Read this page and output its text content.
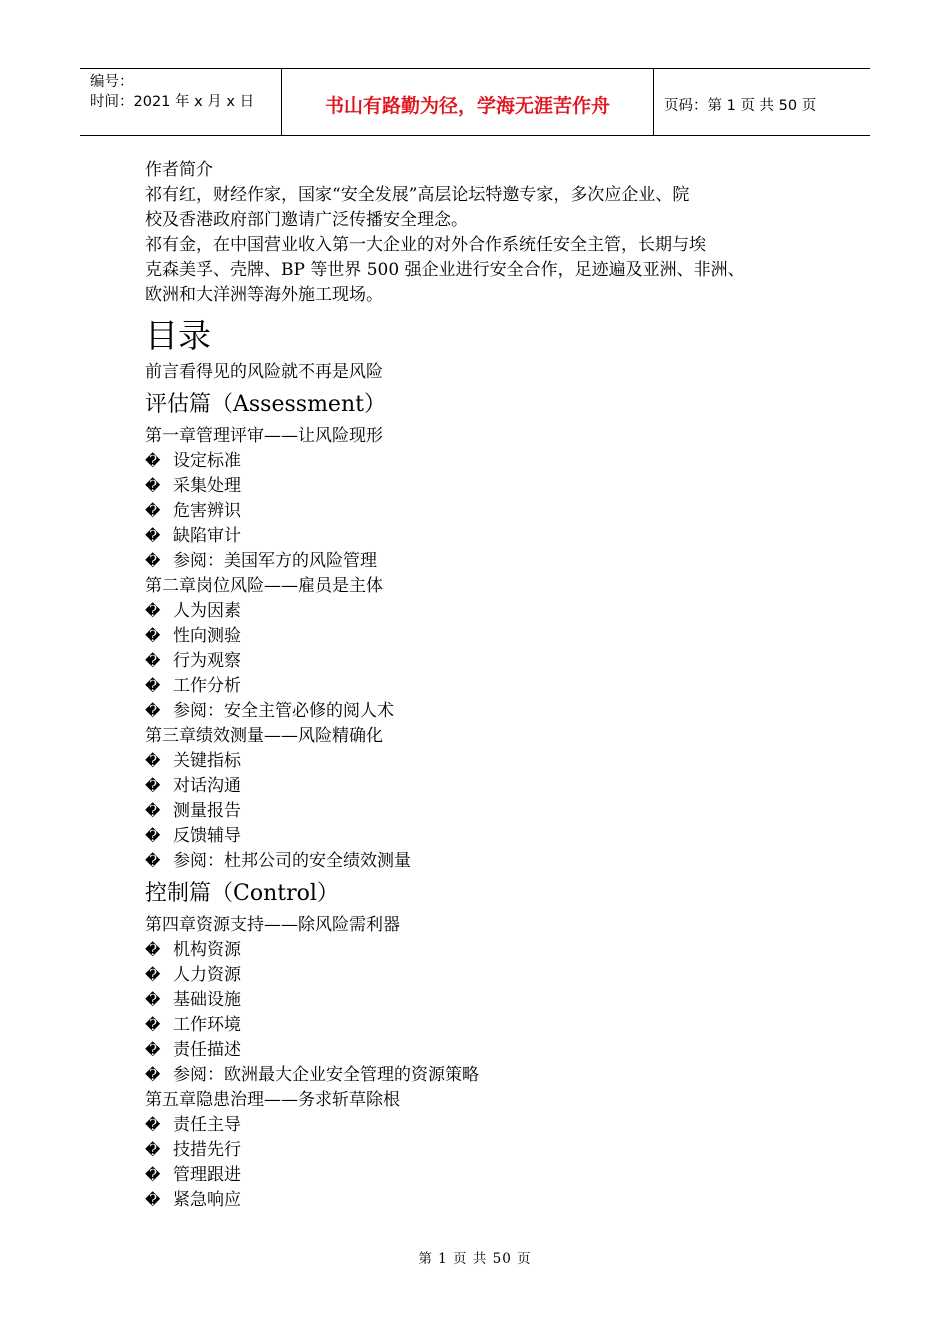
编号：
时间：2021 年 x 月 x 日	书山有路勤为径，学海无涯苦作舟	页码：第 1 页 共 50 页
作者简介
祁有红，财经作家，国家“安全发展”高层论坛特邀专家，多次应企业、院
校及香港政府部门邀请广泛传播安全理念。
祁有金，在中国营业收入第一大企业的对外合作系统任安全主管，长期与埃
克森美孚、壳牌、BP 等世界 500 强企业进行安全合作，足迹遍及亚洲、非洲、
欧洲和大洋洲等海外施工现场。
目录
前言看得见的风险就不再是风险
评估篇（Assessment）
第一章管理评审——让风险现形
� 设定标准
� 采集处理
� 危害辨识
� 缺陷审计
� 参阅：美国军方的风险管理
第二章岗位风险——雇员是主体
� 人为因素
� 性向测验
� 行为观察
� 工作分析
� 参阅：安全主管必修的阅人术
第三章绩效测量——风险精确化
� 关键指标
� 对话沟通
� 测量报告
� 反馈辅导
� 参阅：杜邦公司的安全绩效测量
控制篇（Control）
第四章资源支持——除风险需利器
� 机构资源
� 人力资源
� 基础设施
� 工作环境
� 责任描述
� 参阅：欧洲最大企业安全管理的资源策略
第五章隐患治理——务求斩草除根
� 责任主导
� 技措先行
� 管理跟进
� 紧急响应
第 1 页 共 50 页
